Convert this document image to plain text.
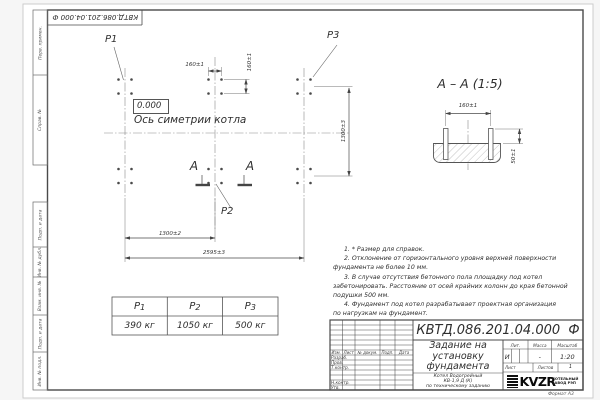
КВТД.086.201.04.000 Ф
Перв. примен.
Справ. №
Подп. и дата
Инв. № дубл.
Взам. инв. №
Подп. и дата
Инв. № подл.
P1	P3
P2
0.000
Ось симетрии котла
160±1	160±1
1300±3
1300±2
2595±3
А	А
А – А (1:5)
160±1
50±1
1. * Размер для справок.
2. Отклонение от горизонтального уровня верхней поверхности
фундамента не более 10 мм.
3. В случае отсутствия бетонного пола площадку под котел
забетонировать. Расстояние от осей крайних колонн до края бетонной
подушки 500 мм.
4. Фундамент под котел разрабатывает проектная организация
по нагрузкам на фундамент.
P 1	P 2	P 3
390 кг	1050 кг	500 кг	КВТД.086.201.04.000  Ф
Изм. Лист № докум.	Подп.	Дата
Разраб.
Пров.
Т.контр.
Н.контр.
Утв.
Задание на
установку
фундамента
Котел Водогрейный
КВ-1,9 Д (К)
по техническому заданию
Лит.	Масса	Масштаб
И	-	1:20
Лист	Листов	1
KVZR
КОТЕЛЬНЫЙ
ЗАВОД РЭП
Формат А3
